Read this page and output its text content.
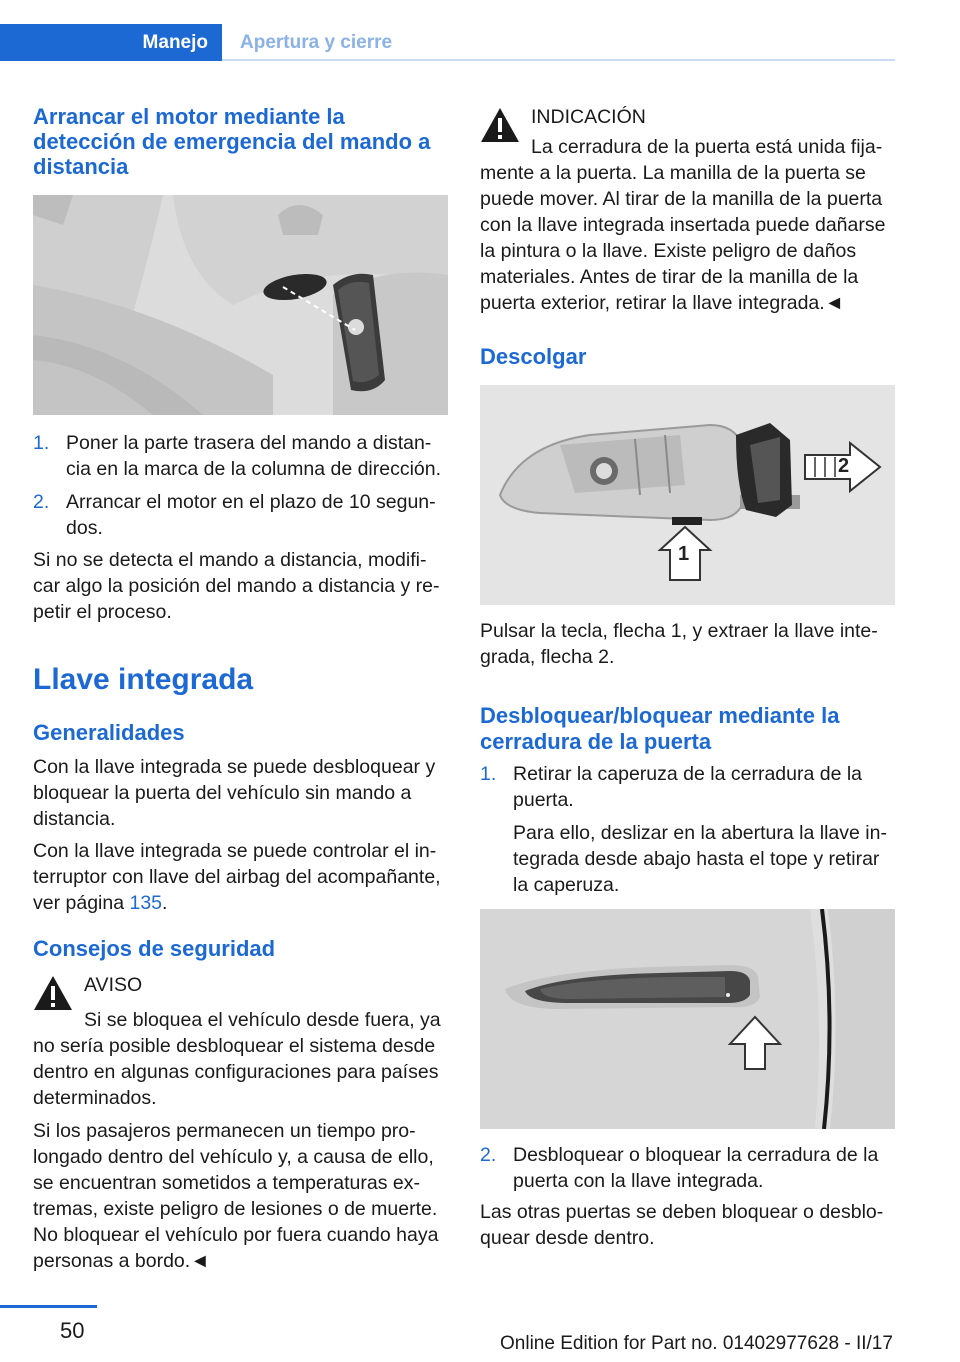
Manejo Apertura y cierre
Arrancar el motor mediante la detección de emergencia del mando a distancia
1. Poner la parte trasera del mando a distan‐ cia en la marca de la columna de dirección.
2. Arrancar el motor en el plazo de 10 segun‐ dos.

Si no se detecta el mando a distancia, modifi‐ car algo la posición del mando a distancia y re‐ petir el proceso.

Llave integrada
Generalidades

Con la llave integrada se puede desbloquear y bloquear la puerta del vehículo sin mando a distancia.

Con la llave integrada se puede controlar el in‐ terruptor con llave del airbag del acompañante, ver página 135.

Consejos de seguridad
AVISO

Si se bloquea el vehículo desde fuera, ya no sería posible desbloquear el sistema desde dentro en algunas configuraciones para países determinados.

Si los pasajeros permanecen un tiempo pro‐ longado dentro del vehículo y, a causa de ello, se encuentran sometidos a temperaturas ex‐ tremas, existe peligro de lesiones o de muerte. No bloquear el vehículo por fuera cuando haya personas a bordo.◄

INDICACIÓN

La cerradura de la puerta está unida fija‐ mente a la puerta. La manilla de la puerta se puede mover. Al tirar de la manilla de la puerta con la llave integrada insertada puede dañarse la pintura o la llave. Existe peligro de daños materiales. Antes de tirar de la manilla de la puerta exterior, retirar la llave integrada.◄

Descolgar
1
2

Pulsar la tecla, flecha 1, y extraer la llave inte‐ grada, flecha 2.

Desbloquear/bloquear mediante la cerradura de la puerta
1. Retirar la caperuza de la cerradura de la puerta.
Para ello, deslizar en la abertura la llave in‐ tegrada desde abajo hasta el tope y retirar la caperuza.
2. Desbloquear o bloquear la cerradura de la puerta con la llave integrada.

Las otras puertas se deben bloquear o desblo‐ quear desde dentro.

50
Online Edition for Part no. 01402977628 - II/17
